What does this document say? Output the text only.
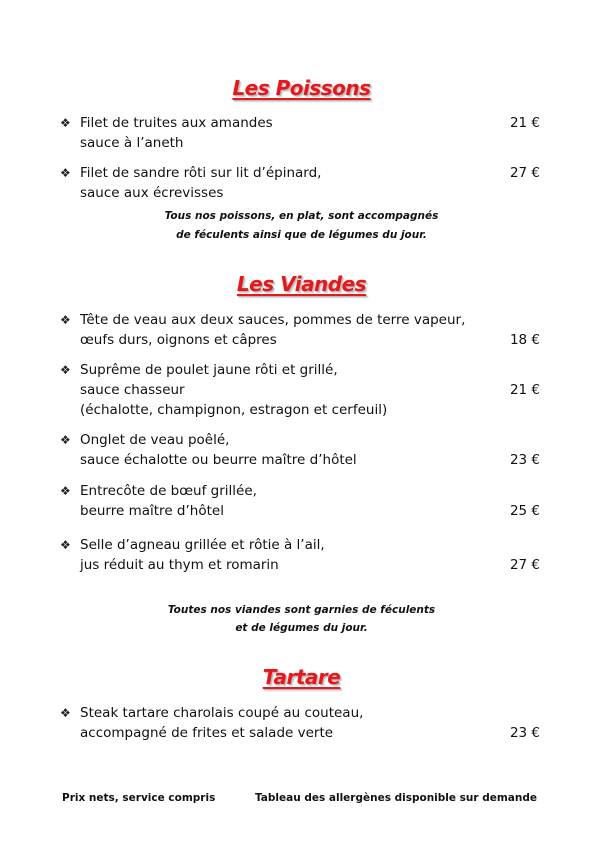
Les Poissons
❖ Filet de truites aux amandes
sauce à l’aneth
21 €
❖ Filet de sandre rôti sur lit d’épinard,
sauce aux écrevisses
27 €
Tous nos poissons, en plat, sont accompagnés
de féculents ainsi que de légumes du jour.
Les Viandes
❖ Tête de veau aux deux sauces, pommes de terre vapeur,
œufs durs, oignons et câpres	18 €
❖ Suprême de poulet jaune rôti et grillé,
sauce chasseur
(échalotte, champignon, estragon et cerfeuil)
21 €
❖ Onglet de veau poêlé,
sauce échalotte ou beurre maître d’hôtel	23 €
❖ Entrecôte de bœuf grillée,
beurre maître d’hôtel	25 €
❖ Selle d’agneau grillée et rôtie à l’ail,
jus réduit au thym et romarin	27 €
Toutes nos viandes sont garnies de féculents
et de légumes du jour.
Tartare
❖ Steak tartare charolais coupé au couteau,
accompagné de frites et salade verte	23 €
Prix nets, service compris	Tableau des allergènes disponible sur demande
